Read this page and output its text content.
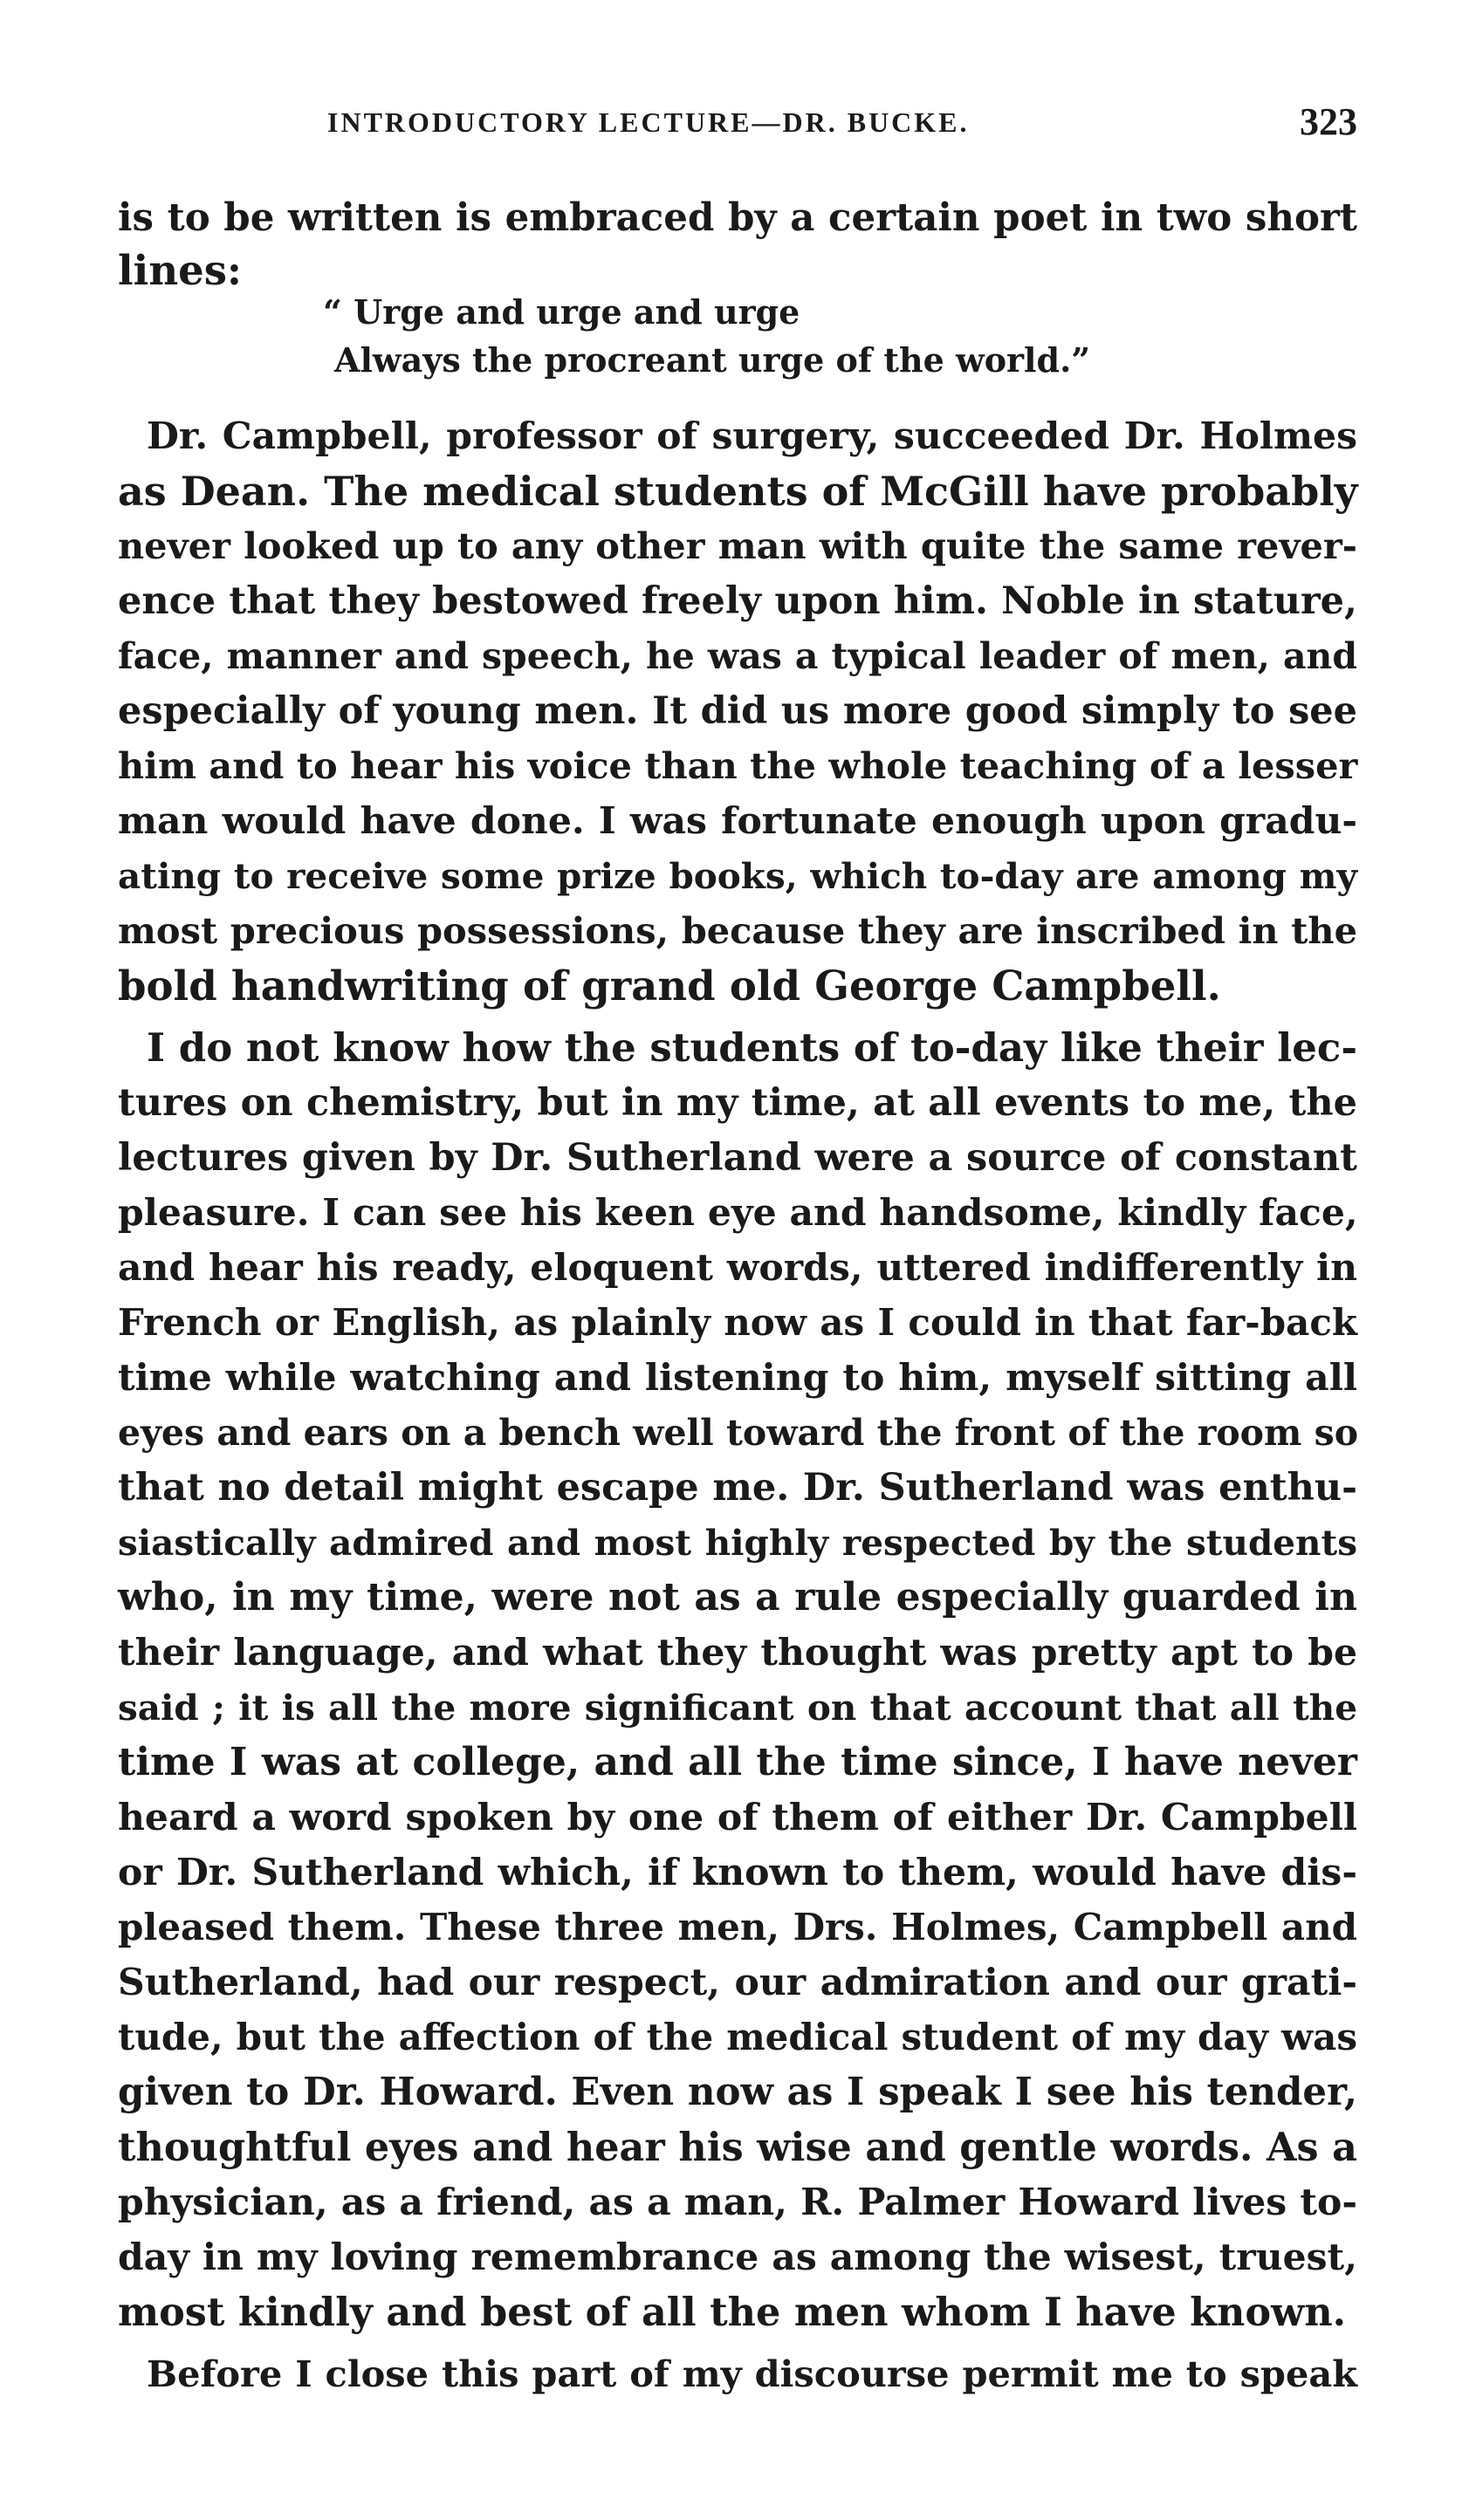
INTRODUCTORY LECTURE—DR. BUCKE.	323
is to be written is embraced by a certain poet in two short
lines:
“ Urge and urge and urge
Always the procreant urge of the world.”
Dr. Campbell, professor of surgery, succeeded Dr. Holmes
as Dean. The medical students of McGill have probably
never looked up to any other man with quite the same rever-
ence that they bestowed freely upon him. Noble in stature,
face, manner and speech, he was a typical leader of men, and
especially of young men. It did us more good simply to see
him and to hear his voice than the whole teaching of a lesser
man would have done. I was fortunate enough upon gradu-
ating to receive some prize books, which to-day are among my
most precious possessions, because they are inscribed in the
bold handwriting of grand old George Campbell.
I do not know how the students of to-day like their lec-
tures on chemistry, but in my time, at all events to me, the
lectures given by Dr. Sutherland were a source of constant
pleasure. I can see his keen eye and handsome, kindly face,
and hear his ready, eloquent words, uttered indifferently in
French or English, as plainly now as I could in that far-back
time while watching and listening to him, myself sitting all
eyes and ears on a bench well toward the front of the room so
that no detail might escape me. Dr. Sutherland was enthu-
siastically admired and most highly respected by the students
who, in my time, were not as a rule especially guarded in
their language, and what they thought was pretty apt to be
said ; it is all the more significant on that account that all the
time I was at college, and all the time since, I have never
heard a word spoken by one of them of either Dr. Campbell
or Dr. Sutherland which, if known to them, would have dis-
pleased them. These three men, Drs. Holmes, Campbell and
Sutherland, had our respect, our admiration and our grati-
tude, but the affection of the medical student of my day was
given to Dr. Howard. Even now as I speak I see his tender,
thoughtful eyes and hear his wise and gentle words. As a
physician, as a friend, as a man, R. Palmer Howard lives to-
day in my loving remembrance as among the wisest, truest,
most kindly and best of all the men whom I have known.
Before I close this part of my discourse permit me to speak
